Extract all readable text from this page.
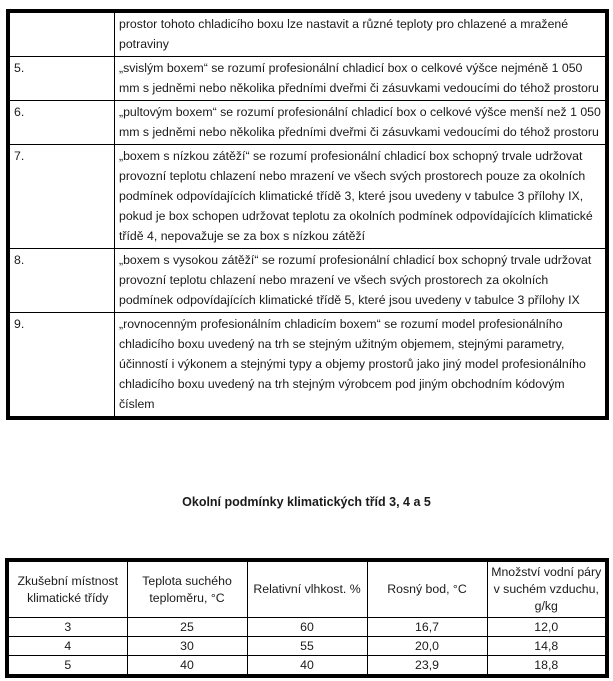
	prostor tohoto chladicího boxu lze nastavit a různé teploty pro chlazené a mražené potraviny
5.	„svislým boxem“ se rozumí profesionální chladicí box o celkové výšce nejméně 1 050 mm s jedněmi nebo několika předními dveřmi či zásuvkami vedoucími do téhož prostoru
6.	„pultovým boxem“ se rozumí profesionální chladicí box o celkové výšce menší než 1 050 mm s jedněmi nebo několika předními dveřmi či zásuvkami vedoucími do téhož prostoru
7.	„boxem s nízkou zátěží“ se rozumí profesionální chladicí box schopný trvale udržovat provozní teplotu chlazení nebo mrazení ve všech svých prostorech pouze za okolních podmínek odpovídajících klimatické třídě 3, které jsou uvedeny v tabulce 3 přílohy IX, pokud je box schopen udržovat teplotu za okolních podmínek odpovídajících klimatické třídě 4, nepovažuje se za box s nízkou zátěží
8.	„boxem s vysokou zátěží“ se rozumí profesionální chladicí box schopný trvale udržovat provozní teplotu chlazení nebo mrazení ve všech svých prostorech za okolních podmínek odpovídajících klimatické třídě 5, které jsou uvedeny v tabulce 3 přílohy IX
9.	„rovnocenným profesionálním chladicím boxem“ se rozumí model profesionálního chladicího boxu uvedený na trh se stejným užitným objemem, stejnými parametry, účinností i výkonem a stejnými typy a objemy prostorů jako jiný model profesionálního chladicího boxu uvedený na trh stejným výrobcem pod jiným obchodním kódovým číslem
Okolní podmínky klimatických tříd 3, 4 a 5
Zkušební místnost klimatické třídy	Teplota suchého teploměru, °C	Relativní vlhkost. %	Rosný bod, °C	Množství vodní páry v suchém vzduchu, g/kg
3	25	60	16,7	12,0
4	30	55	20,0	14,8
5	40	40	23,9	18,8
